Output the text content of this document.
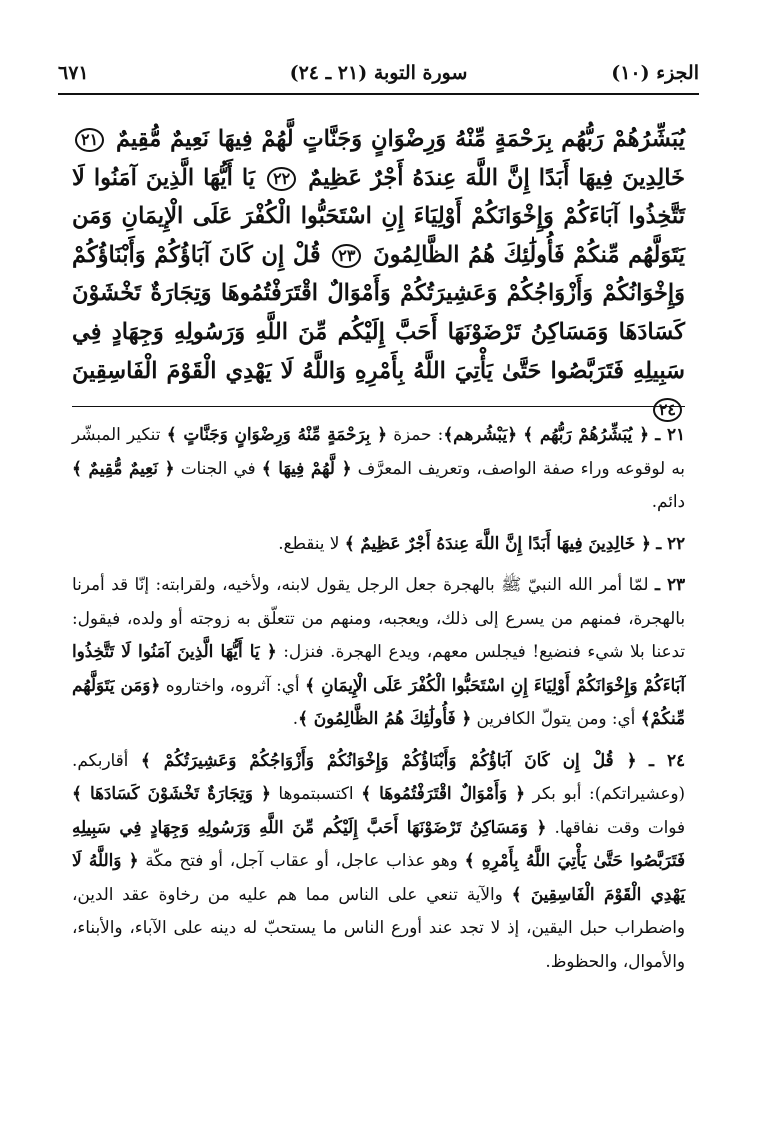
الجزء (١٠)
سورة التوبة (٢١ ـ ٢٤)
٦٧١
يُبَشِّرُهُمْ رَبُّهُم بِرَحْمَةٍ مِّنْهُ وَرِضْوَانٍ وَجَنَّاتٍ لَّهُمْ فِيهَا نَعِيمٌ مُّقِيمٌ ٢١ خَالِدِينَ فِيهَا أَبَدًا إِنَّ اللَّهَ عِندَهُ أَجْرٌ عَظِيمٌ ٢٢ يَا أَيُّهَا الَّذِينَ آمَنُوا لَا تَتَّخِذُوا آبَاءَكُمْ وَإِخْوَانَكُمْ أَوْلِيَاءَ إِنِ اسْتَحَبُّوا الْكُفْرَ عَلَى الْإِيمَانِ وَمَن يَتَوَلَّهُم مِّنكُمْ فَأُولَٰئِكَ هُمُ الظَّالِمُونَ ٢٣ قُلْ إِن كَانَ آبَاؤُكُمْ وَأَبْنَاؤُكُمْ وَإِخْوَانُكُمْ وَأَزْوَاجُكُمْ وَعَشِيرَتُكُمْ وَأَمْوَالٌ اقْتَرَفْتُمُوهَا وَتِجَارَةٌ تَخْشَوْنَ كَسَادَهَا وَمَسَاكِنُ تَرْضَوْنَهَا أَحَبَّ إِلَيْكُم مِّنَ اللَّهِ وَرَسُولِهِ وَجِهَادٍ فِي سَبِيلِهِ فَتَرَبَّصُوا حَتَّىٰ يَأْتِيَ اللَّهُ بِأَمْرِهِ وَاللَّهُ لَا يَهْدِي الْقَوْمَ الْفَاسِقِينَ ٢٤

٢١ ـ ﴿ يُبَشِّرُهُمْ رَبُّهُم ﴾ ﴿يَبْشُرهم﴾: حمزة ﴿ بِرَحْمَةٍ مِّنْهُ وَرِضْوَانٍ وَجَنَّاتٍ ﴾ تنكير المبشّر به لوقوعه وراء صفة الواصف، وتعريف المعرَّف ﴿ لَّهُمْ فِيهَا ﴾ في الجنات ﴿ نَعِيمٌ مُّقِيمٌ ﴾ دائم.

٢٢ ـ ﴿ خَالِدِينَ فِيهَا أَبَدًا إِنَّ اللَّهَ عِندَهُ أَجْرٌ عَظِيمٌ ﴾ لا ينقطع.

٢٣ ـ لمّا أمر الله النبيّ ﷺ بالهجرة جعل الرجل يقول لابنه، ولأخيه، ولقرابته: إنّا قد أمرنا بالهجرة، فمنهم من يسرع إلى ذلك، ويعجبه، ومنهم من تتعلّق به زوجته أو ولده، فيقول: تدعنا بلا شيء فنضيع! فيجلس معهم، ويدع الهجرة. فنزل: ﴿ يَا أَيُّهَا الَّذِينَ آمَنُوا لَا تَتَّخِذُوا آبَاءَكُمْ وَإِخْوَانَكُمْ أَوْلِيَاءَ إِنِ اسْتَحَبُّوا الْكُفْرَ عَلَى الْإِيمَانِ ﴾ أي: آثروه، واختاروه ﴿وَمَن يَتَوَلَّهُم مِّنكُمْ﴾ أي: ومن يتولّ الكافرين ﴿ فَأُولَٰئِكَ هُمُ الظَّالِمُونَ ﴾.

٢٤ ـ ﴿ قُلْ إِن كَانَ آبَاؤُكُمْ وَأَبْنَاؤُكُمْ وَإِخْوَانُكُمْ وَأَزْوَاجُكُمْ وَعَشِيرَتُكُمْ ﴾ أقاربكم. (وعشيراتكم): أبو بكر ﴿ وَأَمْوَالٌ اقْتَرَفْتُمُوهَا ﴾ اكتسبتموها ﴿ وَتِجَارَةٌ تَخْشَوْنَ كَسَادَهَا ﴾ فوات وقت نفاقها. ﴿ وَمَسَاكِنُ تَرْضَوْنَهَا أَحَبَّ إِلَيْكُم مِّنَ اللَّهِ وَرَسُولِهِ وَجِهَادٍ فِي سَبِيلِهِ فَتَرَبَّصُوا حَتَّىٰ يَأْتِيَ اللَّهُ بِأَمْرِهِ ﴾ وهو عذاب عاجل، أو عقاب آجل، أو فتح مكّة ﴿ وَاللَّهُ لَا يَهْدِي الْقَوْمَ الْفَاسِقِينَ ﴾ والآية تنعي على الناس مما هم عليه من رخاوة عقد الدين، واضطراب حبل اليقين، إذ لا تجد عند أورع الناس ما يستحبّ له دينه على الآباء، والأبناء، والأموال، والحظوظ.
